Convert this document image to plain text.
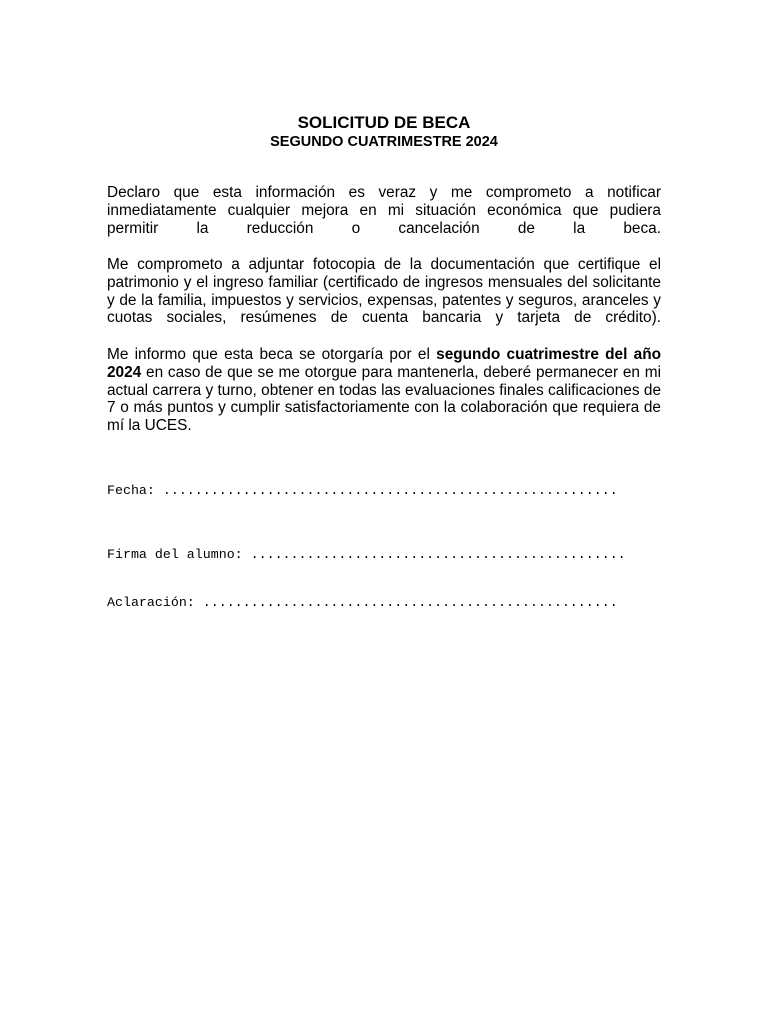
SOLICITUD DE BECA
SEGUNDO CUATRIMESTRE 2024

Declaro que esta información es veraz y me comprometo a notificar inmediatamente cualquier mejora en mi situación económica que pudiera permitir la reducción o cancelación de la beca.

Me comprometo a adjuntar fotocopia de la documentación que certifique el patrimonio y el ingreso familiar (certificado de ingresos mensuales del solicitante y de la familia, impuestos y servicios, expensas, patentes y seguros, aranceles y cuotas sociales, resúmenes de cuenta bancaria y tarjeta de crédito).

Me informo que esta beca se otorgaría por el segundo cuatrimestre del año 2024 en caso de que se me otorgue para mantenerla, deberé permanecer en mi actual carrera y turno, obtener en todas las evaluaciones finales calificaciones de 7 o más puntos y cumplir satisfactoriamente con la colaboración que requiera de mí la UCES.

Fecha: .........................................................
Firma del alumno: ...............................................
Aclaración: ....................................................
